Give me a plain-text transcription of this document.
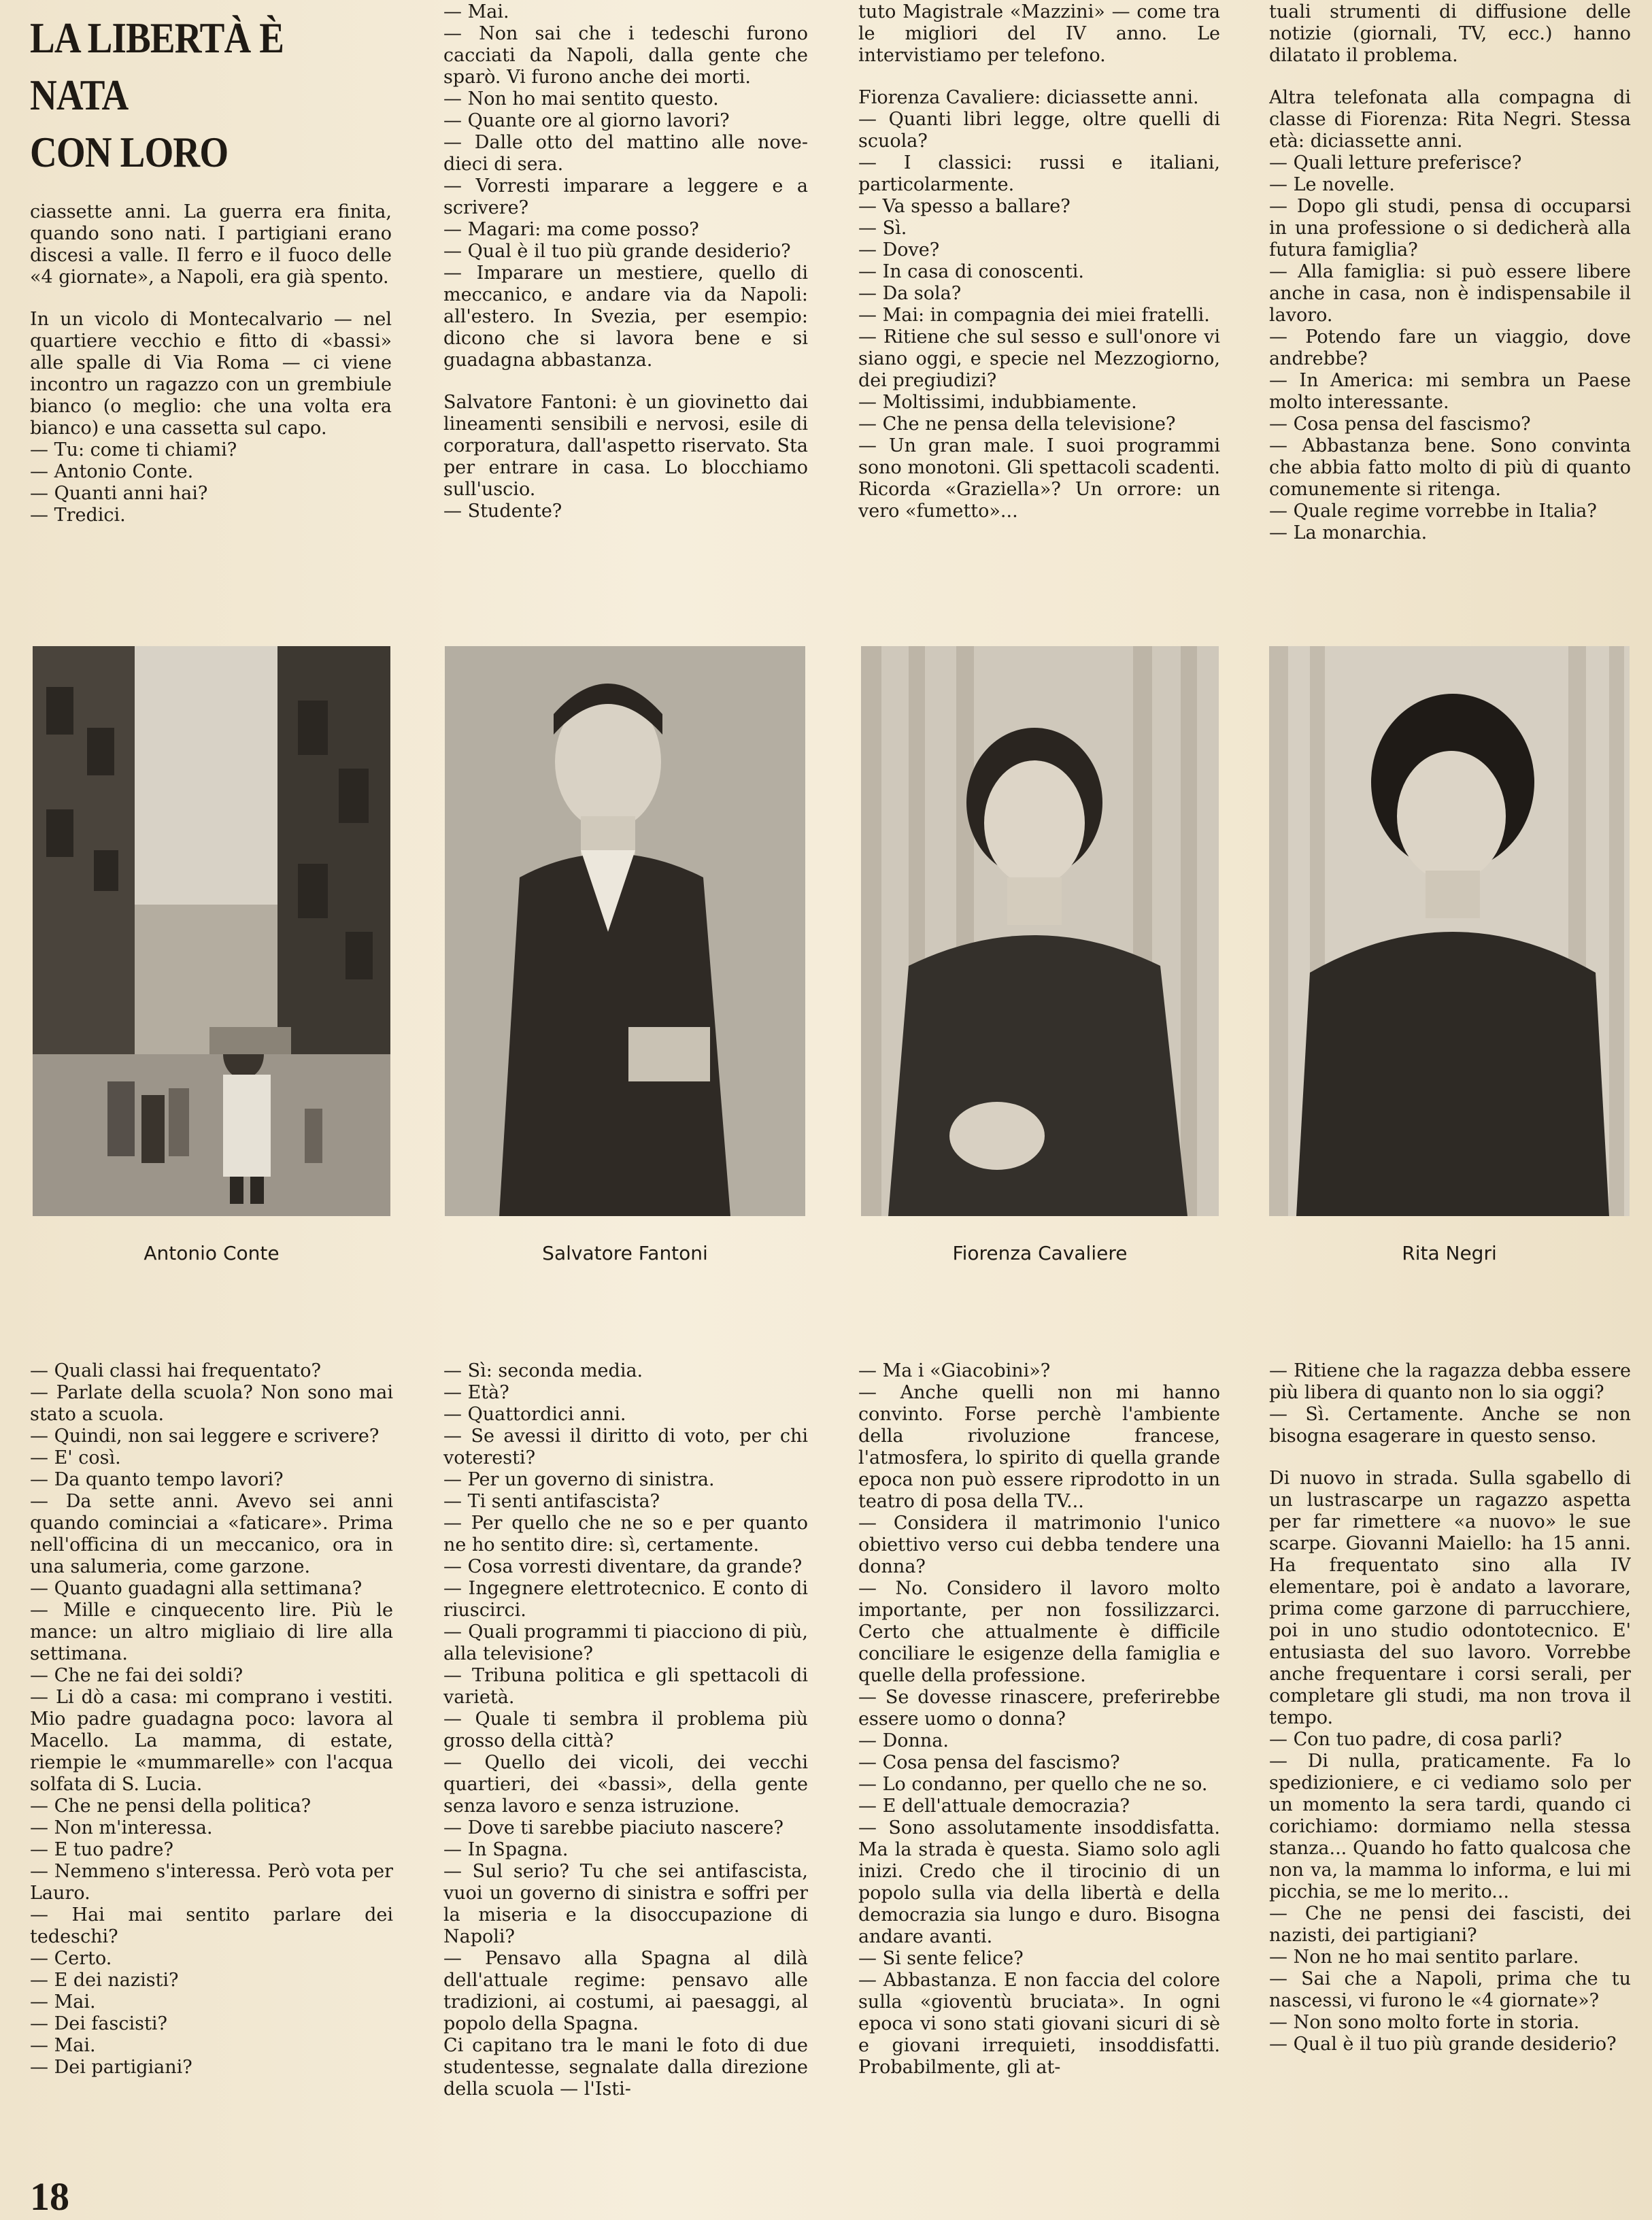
LA LIBERTÀ È NATA
CON LORO

ciassette anni. La guerra era finita, quando sono nati. I partigiani erano discesi a valle. Il ferro e il fuoco delle «4 giornate», a Napoli, era già spento.

In un vicolo di Montecalvario — nel quartiere vecchio e fitto di «bassi» alle spalle di Via Roma — ci viene incontro un ragazzo con un grembiule bianco (o meglio: che una volta era bianco) e una cassetta sul capo.
— Tu: come ti chiami?
— Antonio Conte.
— Quanti anni hai?
— Tredici.

— Mai.
— Non sai che i tedeschi furono cacciati da Napoli, dalla gente che sparò. Vi furono anche dei morti.
— Non ho mai sentito questo.
— Quante ore al giorno lavori?
— Dalle otto del mattino alle nove-dieci di sera.
— Vorresti imparare a leggere e a scrivere?
— Magari: ma come posso?
— Qual è il tuo più grande desiderio?
— Imparare un mestiere, quello di meccanico, e andare via da Napoli: all'estero. In Svezia, per esempio: dicono che si lavora bene e si guadagna abbastanza.

Salvatore Fantoni: è un giovinetto dai lineamenti sensibili e nervosi, esile di corporatura, dall'aspetto riservato. Sta per entrare in casa. Lo blocchiamo sull'uscio.
— Studente?

tuto Magistrale «Mazzini» — come tra le migliori del IV anno. Le intervistiamo per telefono.

Fiorenza Cavaliere: diciassette anni.
— Quanti libri legge, oltre quelli di scuola?
— I classici: russi e italiani, particolarmente.
— Va spesso a ballare?
— Sì.
— Dove?
— In casa di conoscenti.
— Da sola?
— Mai: in compagnia dei miei fratelli.
— Ritiene che sul sesso e sull'onore vi siano oggi, e specie nel Mezzogiorno, dei pregiudizi?
— Moltissimi, indubbiamente.
— Che ne pensa della televisione?
— Un gran male. I suoi programmi sono monotoni. Gli spettacoli scadenti. Ricorda «Graziella»? Un orrore: un vero «fumetto»...

tuali strumenti di diffusione delle notizie (giornali, TV, ecc.) hanno dilatato il problema.

Altra telefonata alla compagna di classe di Fiorenza: Rita Negri. Stessa età: diciassette anni.
— Quali letture preferisce?
— Le novelle.
— Dopo gli studi, pensa di occuparsi in una professione o si dedicherà alla futura famiglia?
— Alla famiglia: si può essere libere anche in casa, non è indispensabile il lavoro.
— Potendo fare un viaggio, dove andrebbe?
— In America: mi sembra un Paese molto interessante.
— Cosa pensa del fascismo?
— Abbastanza bene. Sono convinta che abbia fatto molto di più di quanto comunemente si ritenga.
— Quale regime vorrebbe in Italia?
— La monarchia.

Antonio Conte	Salvatore Fantoni	Fiorenza Cavaliere	Rita Negri

— Quali classi hai frequentato?
— Parlate della scuola? Non sono mai stato a scuola.
— Quindi, non sai leggere e scrivere?
— E' così.
— Da quanto tempo lavori?
— Da sette anni. Avevo sei anni quando cominciai a «faticare». Prima nell'officina di un meccanico, ora in una salumeria, come garzone.
— Quanto guadagni alla settimana?
— Mille e cinquecento lire. Più le mance: un altro migliaio di lire alla settimana.
— Che ne fai dei soldi?
— Li dò a casa: mi comprano i vestiti. Mio padre guadagna poco: lavora al Macello. La mamma, di estate, riempie le «mummarelle» con l'acqua solfata di S. Lucia.
— Che ne pensi della politica?
— Non m'interessa.
— E tuo padre?
— Nemmeno s'interessa. Però vota per Lauro.
— Hai mai sentito parlare dei tedeschi?
— Certo.
— E dei nazisti?
— Mai.
— Dei fascisti?
— Mai.
— Dei partigiani?

— Sì: seconda media.
— Età?
— Quattordici anni.
— Se avessi il diritto di voto, per chi voteresti?
— Per un governo di sinistra.
— Ti senti antifascista?
— Per quello che ne so e per quanto ne ho sentito dire: sì, certamente.
— Cosa vorresti diventare, da grande?
— Ingegnere elettrotecnico. E conto di riuscirci.
— Quali programmi ti piacciono di più, alla televisione?
— Tribuna politica e gli spettacoli di varietà.
— Quale ti sembra il problema più grosso della città?
— Quello dei vicoli, dei vecchi quartieri, dei «bassi», della gente senza lavoro e senza istruzione.
— Dove ti sarebbe piaciuto nascere?
— In Spagna.
— Sul serio? Tu che sei antifascista, vuoi un governo di sinistra e soffri per la miseria e la disoccupazione di Napoli?
— Pensavo alla Spagna al dilà dell'attuale regime: pensavo alle tradizioni, ai costumi, ai paesaggi, al popolo della Spagna.
Ci capitano tra le mani le foto di due studentesse, segnalate dalla direzione della scuola — l'Isti-

— Ma i «Giacobini»?
— Anche quelli non mi hanno convinto. Forse perchè l'ambiente della rivoluzione francese, l'atmosfera, lo spirito di quella grande epoca non può essere riprodotto in un teatro di posa della TV...
— Considera il matrimonio l'unico obiettivo verso cui debba tendere una donna?
— No. Considero il lavoro molto importante, per non fossilizzarci. Certo che attualmente è difficile conciliare le esigenze della famiglia e quelle della professione.
— Se dovesse rinascere, preferirebbe essere uomo o donna?
— Donna.
— Cosa pensa del fascismo?
— Lo condanno, per quello che ne so.
— E dell'attuale democrazia?
— Sono assolutamente insoddisfatta. Ma la strada è questa. Siamo solo agli inizi. Credo che il tirocinio di un popolo sulla via della libertà e della democrazia sia lungo e duro. Bisogna andare avanti.
— Si sente felice?
— Abbastanza. E non faccia del colore sulla «gioventù bruciata». In ogni epoca vi sono stati giovani sicuri di sè e giovani irrequieti, insoddisfatti. Probabilmente, gli at-

— Ritiene che la ragazza debba essere più libera di quanto non lo sia oggi?
— Sì. Certamente. Anche se non bisogna esagerare in questo senso.

Di nuovo in strada. Sulla sgabello di un lustrascarpe un ragazzo aspetta per far rimettere «a nuovo» le sue scarpe. Giovanni Maiello: ha 15 anni. Ha frequentato sino alla IV elementare, poi è andato a lavorare, prima come garzone di parrucchiere, poi in uno studio odontotecnico. E' entusiasta del suo lavoro. Vorrebbe anche frequentare i corsi serali, per completare gli studi, ma non trova il tempo.
— Con tuo padre, di cosa parli?
— Di nulla, praticamente. Fa lo spedizioniere, e ci vediamo solo per un momento la sera tardi, quando ci corichiamo: dormiamo nella stessa stanza... Quando ho fatto qualcosa che non va, la mamma lo informa, e lui mi picchia, se me lo merito...
— Che ne pensi dei fascisti, dei nazisti, dei partigiani?
— Non ne ho mai sentito parlare.
— Sai che a Napoli, prima che tu nascessi, vi furono le «4 giornate»?
— Non sono molto forte in storia.
— Qual è il tuo più grande desiderio?

18
